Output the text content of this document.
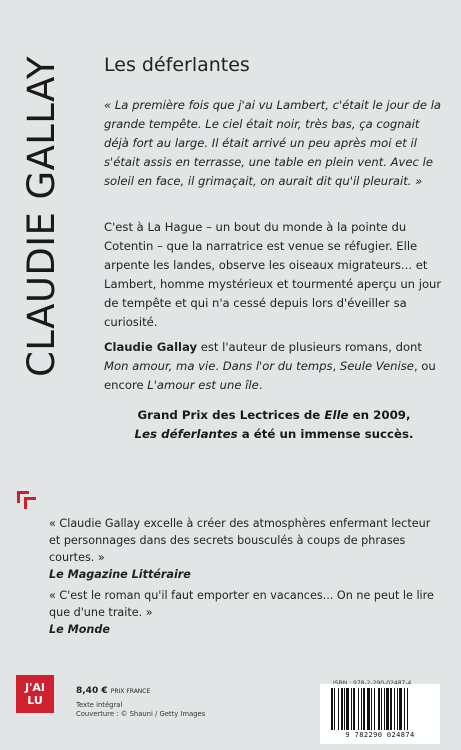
CLAUDIE GALLAY Les déferlantes

« La première fois que j'ai vu Lambert, c'était le jour de la grande tempête. Le ciel était noir, très bas, ça cognait déjà fort au large. Il était arrivé un peu après moi et il s'était assis en terrasse, une table en plein vent. Avec le soleil en face, il grimaçait, on aurait dit qu'il pleurait. »

C'est à La Hague – un bout du monde à la pointe du Cotentin – que la narratrice est venue se réfugier. Elle arpente les landes, observe les oiseaux migrateurs... et Lambert, homme mystérieux et tourmenté aperçu un jour de tempête et qui n'a cessé depuis lors d'éveiller sa curiosité.

Claudie Gallay est l'auteur de plusieurs romans, dont Mon amour, ma vie. Dans l'or du temps, Seule Venise, ou encore L'amour est une île.

Grand Prix des Lectrices de Elle en 2009,
Les déferlantes a été un immense succès.

« Claudie Gallay excelle à créer des atmosphères enfermant lecteur et personnages dans des secrets bousculés à coups de phrases courtes. »
Le Magazine Littéraire

« C'est le roman qu'il faut emporter en vacances... On ne peut le lire que d'une traite. »
Le Monde

J'AI
LU
8,40 € PRIX FRANCE
Texte intégral
Couverture : © Shauni / Getty Images
9 782290 024874
